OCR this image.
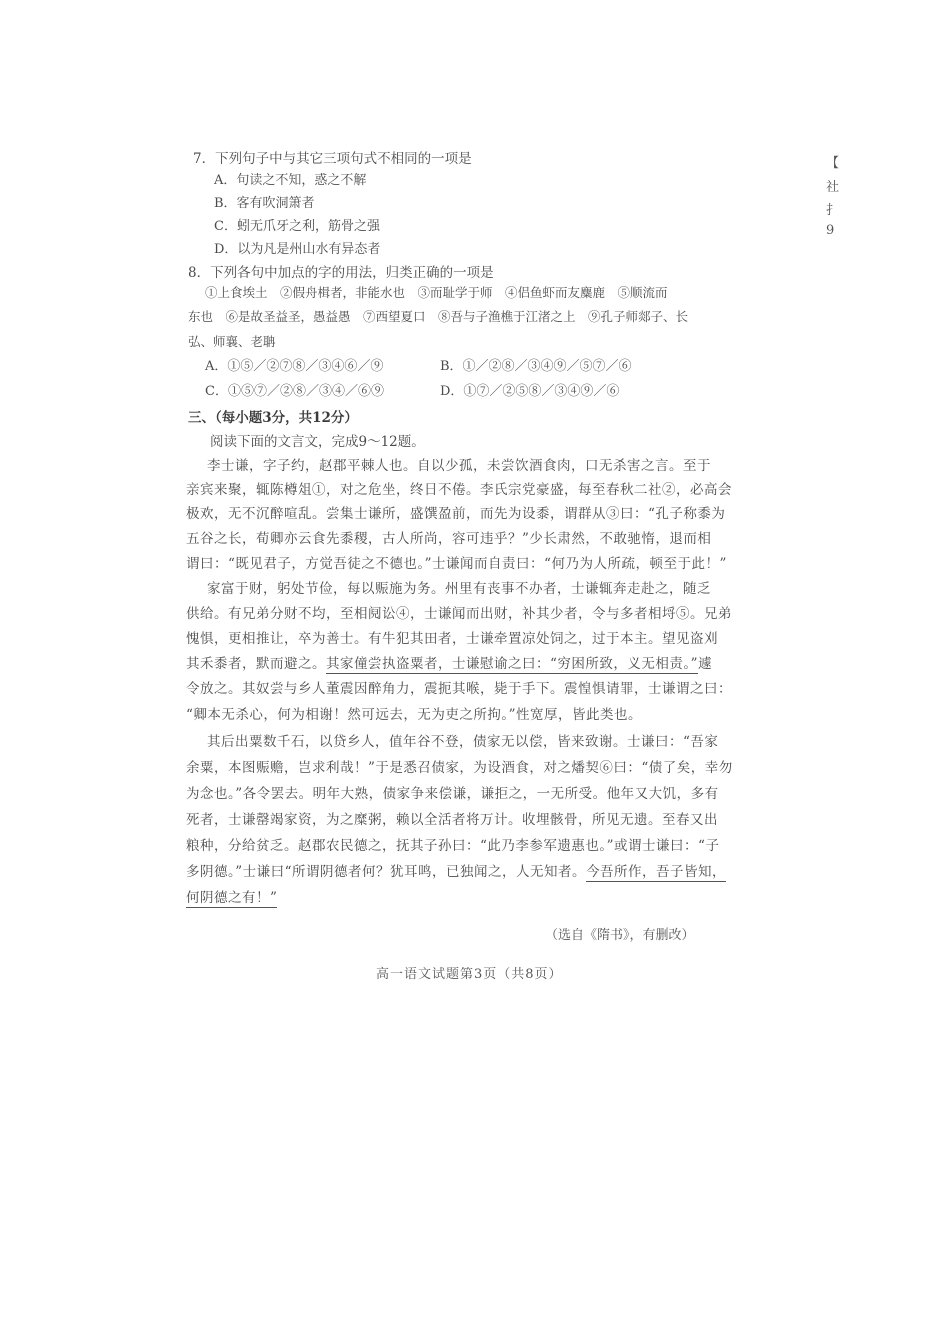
【
社
扌
9
7．下列句子中与其它三项句式不相同的一项是
A．句读之不知，惑之不解
B．客有吹洞箫者
C．蚓无爪牙之利，筋骨之强
D．以为凡是州山水有异态者
8．下列各句中加点的字的用法，归类正确的一项是
①上食埃土　②假舟楫者，非能水也　③而耻学于师　④侣鱼虾而友麋鹿　⑤顺流而
东也　⑥是故圣益圣，愚益愚　⑦西望夏口　⑧吾与子渔樵于江渚之上　⑨孔子师郯子、长
弘、师襄、老聃
A．①⑤／②⑦⑧／③④⑥／⑨	B．①／②⑧／③④⑨／⑤⑦／⑥
C．①⑤⑦／②⑧／③④／⑥⑨	D．①⑦／②⑤⑧／③④⑨／⑥
三、（每小题3分，共12分）
阅读下面的文言文，完成9～12题。
李士谦，字子约，赵郡平棘人也。自以少孤，未尝饮酒食肉，口无杀害之言。至于
亲宾来聚，辄陈樽俎①，对之危坐，终日不倦。李氏宗党豪盛，每至春秋二社②，必高会
极欢，无不沉醉喧乱。尝集士谦所，盛馔盈前，而先为设黍，谓群从③曰：“孔子称黍为
五谷之长，荀卿亦云食先黍稷，古人所尚，容可违乎？”少长肃然，不敢驰惰，退而相
谓曰：“既见君子，方觉吾徒之不德也。”士谦闻而自责曰：“何乃为人所疏，顿至于此！”
家富于财，躬处节俭，每以赈施为务。州里有丧事不办者，士谦辄奔走赴之，随乏
供给。有兄弟分财不均，至相阋讼④，士谦闻而出财，补其少者，令与多者相埒⑤。兄弟
愧惧，更相推让，卒为善士。有牛犯其田者，士谦牵置凉处饲之，过于本主。望见盗刈
其禾黍者，默而避之。其家僮尝执盗粟者，士谦慰谕之曰：“穷困所致，义无相责。”遽
令放之。其奴尝与乡人董震因醉角力，震扼其喉，毙于手下。震惶惧请罪，士谦谓之曰：
“卿本无杀心，何为相谢！然可远去，无为吏之所拘。”性宽厚，皆此类也。
其后出粟数千石，以贷乡人，值年谷不登，债家无以偿，皆来致谢。士谦曰：“吾家
余粟，本图赈赡，岂求利哉！”于是悉召债家，为设酒食，对之燔契⑥曰：“债了矣，幸勿
为念也。”各令罢去。明年大熟，债家争来偿谦，谦拒之，一无所受。他年又大饥，多有
死者，士谦罄竭家资，为之糜粥，赖以全活者将万计。收埋骸骨，所见无遗。至春又出
粮种，分给贫乏。赵郡农民德之，抚其子孙曰：“此乃李参军遗惠也。”或谓士谦曰：“子
多阴德。”士谦曰“所谓阴德者何？犹耳鸣，已独闻之，人无知者。今吾所作，吾子皆知，
何阴德之有！”
（选自《隋书》，有删改）
高一语文试题第3页（共8页）
